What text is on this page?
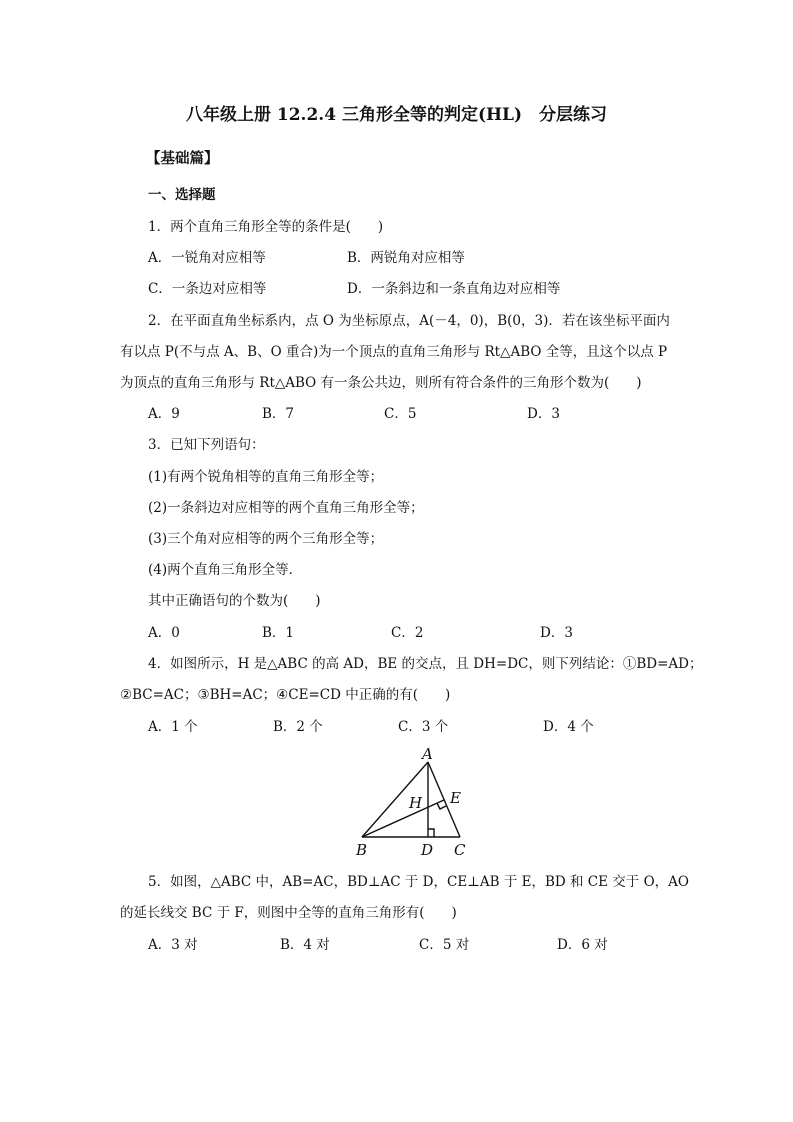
八年级上册 12.2.4 三角形全等的判定(HL)　分层练习
【基础篇】
一、选择题
1．两个直角三角形全等的条件是(　　)
A．一锐角对应相等	B．两锐角对应相等
C．一条边对应相等	D．一条斜边和一条直角边对应相等
2．在平面直角坐标系内，点 O 为坐标原点，A(－4，0)，B(0，3)．若在该坐标平面内
有以点 P(不与点 A、B、O 重合)为一个顶点的直角三角形与 Rt△ABO 全等，且这个以点 P
为顶点的直角三角形与 Rt△ABO 有一条公共边，则所有符合条件的三角形个数为(　　)
A．9	B．7	C．5	D．3
3．已知下列语句：
(1)有两个锐角相等的直角三角形全等；
(2)一条斜边对应相等的两个直角三角形全等；
(3)三个角对应相等的两个三角形全等；
(4)两个直角三角形全等．
其中正确语句的个数为(　　)
A．0	B．1	C．2	D．3
4．如图所示，H 是△ABC 的高 AD，BE 的交点，且 DH=DC，则下列结论：①BD=AD；
②BC=AC；③BH=AC；④CE=CD 中正确的有(　　)
A．1 个	B．2 个	C．3 个	D．4 个
A
B	C
D
E
H
5．如图，△ABC 中，AB=AC，BD⊥AC 于 D，CE⊥AB 于 E，BD 和 CE 交于 O，AO
的延长线交 BC 于 F，则图中全等的直角三角形有(　　)
A．3 对	B．4 对	C．5 对	D．6 对
